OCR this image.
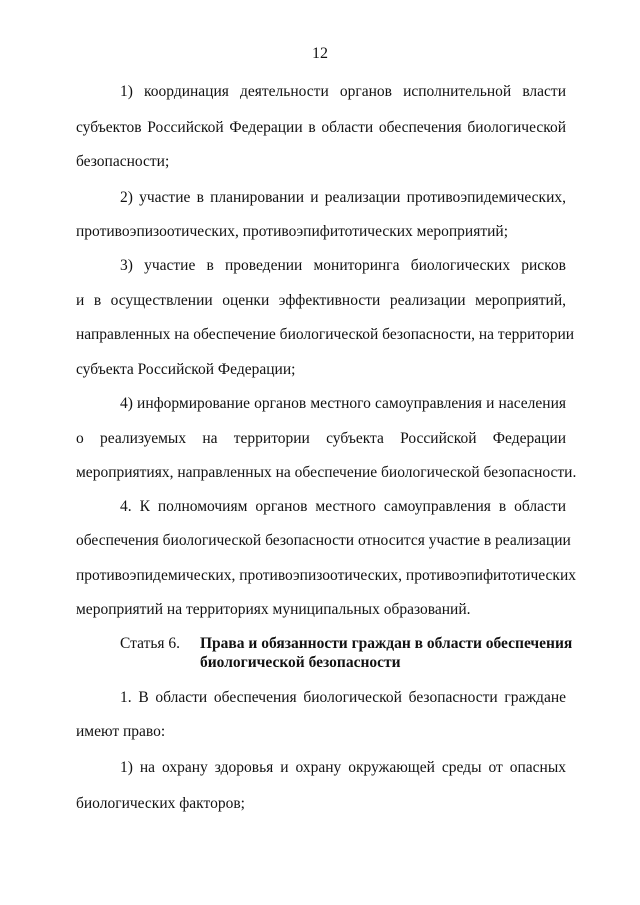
12
1) координация деятельности органов исполнительной власти
субъектов Российской Федерации в области обеспечения биологической
безопасности;
2) участие в планировании и реализации противоэпидемических,
противоэпизоотических, противоэпифитотических мероприятий;
3) участие в проведении мониторинга биологических рисков
и в осуществлении оценки эффективности реализации мероприятий,
направленных на обеспечение биологической безопасности, на территории
субъекта Российской Федерации;
4) информирование органов местного самоуправления и населения
о реализуемых на территории субъекта Российской Федерации
мероприятиях, направленных на обеспечение биологической безопасности.
4. К полномочиям органов местного самоуправления в области
обеспечения биологической безопасности относится участие в реализации
противоэпидемических, противоэпизоотических, противоэпифитотических
мероприятий на территориях муниципальных образований.
Статья 6. Права и обязанности граждан в области обеспечения
биологической безопасности
1. В области обеспечения биологической безопасности граждане
имеют право:
1) на охрану здоровья и охрану окружающей среды от опасных
биологических факторов;
